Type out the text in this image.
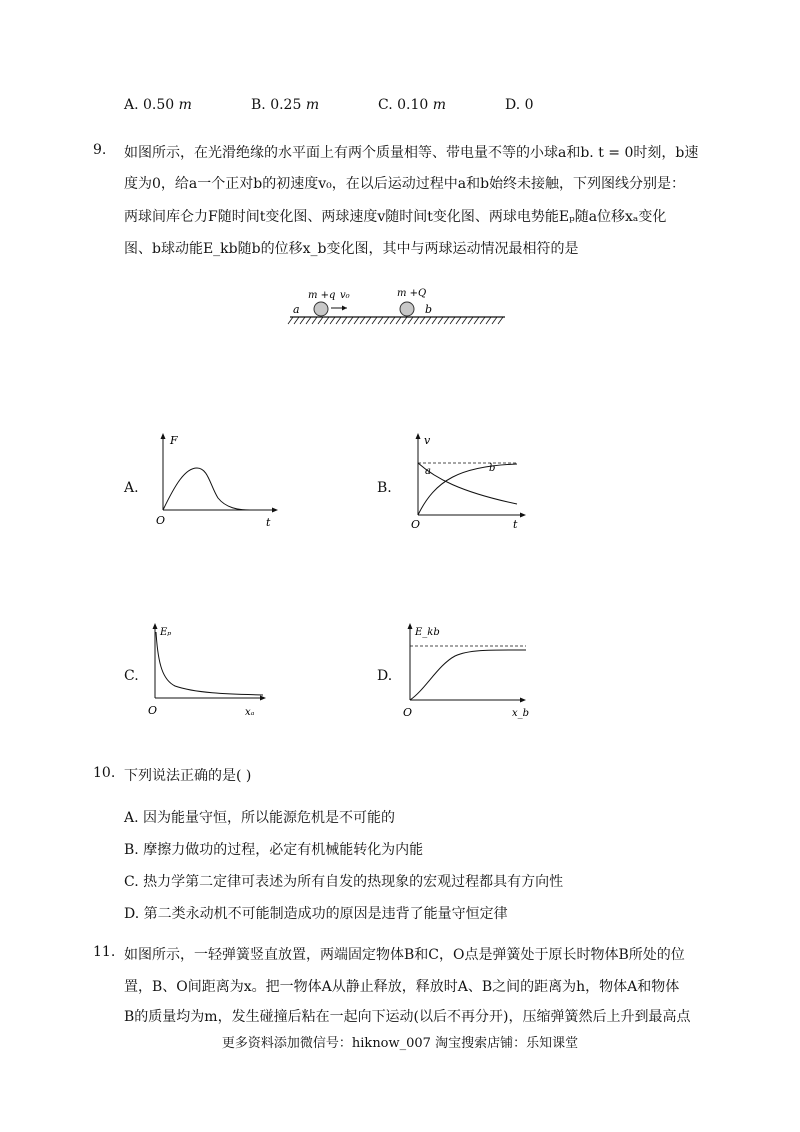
A. 0.50 m	B. 0.25 m	C. 0.10 m	D. 0
9. 如图所示，在光滑绝缘的水平面上有两个质量相等、带电量不等的小球a和b. t = 0时刻，b速
度为0，给a一个正对b的初速度v₀，在以后运动过程中a和b始终未接触，下列图线分别是：
两球间库仑力F随时间t变化图、两球速度v随时间t变化图、两球电势能Eₚ随a位移xₐ变化
图、b球动能E_kb随b的位移x_b变化图，其中与两球运动情况最相符的是
m +q v₀	m +Q
a	b
A.
F
t
O
B.
v
a	b
t
O
C.
Eₚ
xₐ
O
D.
E_kb
x_b
O
10. 下列说法正确的是( )
A. 因为能量守恒，所以能源危机是不可能的
B. 摩擦力做功的过程，必定有机械能转化为内能
C. 热力学第二定律可表述为所有自发的热现象的宏观过程都具有方向性
D. 第二类永动机不可能制造成功的原因是违背了能量守恒定律
11. 如图所示，一轻弹簧竖直放置，两端固定物体B和C，O点是弹簧处于原长时物体B所处的位
置，B、O间距离为x。把一物体A从静止释放，释放时A、B之间的距离为h，物体A和物体
B的质量均为m，发生碰撞后粘在一起向下运动(以后不再分开)，压缩弹簧然后上升到最高点
更多资料添加微信号：hiknow_007 淘宝搜索店铺：乐知课堂
